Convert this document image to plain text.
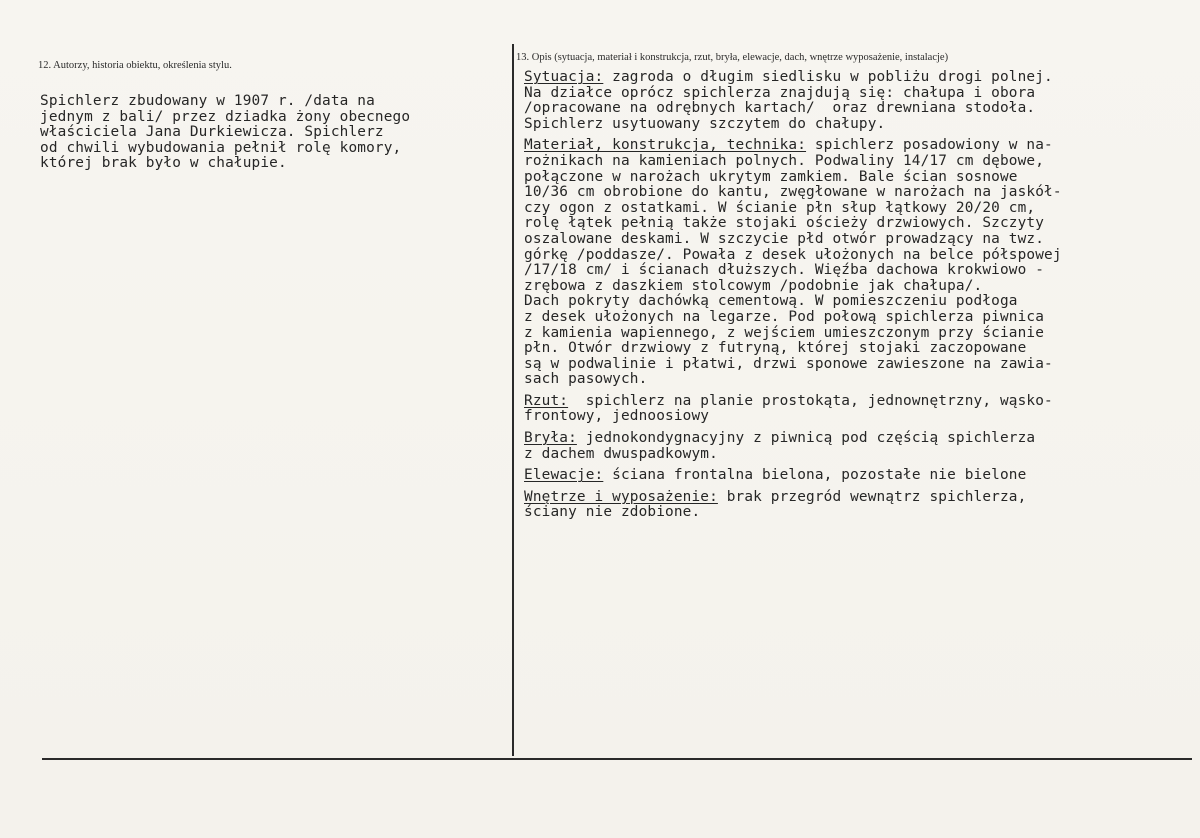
12. Autorzy, historia obiektu, określenia stylu.
Spichlerz zbudowany w 1907 r. /data na
jednym z bali/ przez dziadka żony obecnego
właściciela Jana Durkiewicza. Spichlerz
od chwili wybudowania pełnił rolę komory,
której brak było w chałupie.
13. Opis (sytuacja, materiał i konstrukcja, rzut, bryła, elewacje, dach, wnętrze wyposażenie, instalacje)
Sytuacja: zagroda o długim siedlisku w pobliżu drogi polnej.
Na działce oprócz spichlerza znajdują się: chałupa i obora
/opracowane na odrębnych kartach/  oraz drewniana stodoła.
Spichlerz usytuowany szczytem do chałupy.
Materiał, konstrukcja, technika: spichlerz posadowiony w na-
rożnikach na kamieniach polnych. Podwaliny 14/17 cm dębowe,
połączone w narożach ukrytym zamkiem. Bale ścian sosnowe
10/36 cm obrobione do kantu, zwęgłowane w narożach na jaskół-
czy ogon z ostatkami. W ścianie płn słup łątkowy 20/20 cm,
rolę łątek pełnią także stojaki ościeży drzwiowych. Szczyty
oszalowane deskami. W szczycie płd otwór prowadzący na twz.
górkę /poddasze/. Powała z desek ułożonych na belce półspowej
/17/18 cm/ i ścianach dłuższych. Więźba dachowa krokwiowo -
zrębowa z daszkiem stolcowym /podobnie jak chałupa/.
Dach pokryty dachówką cementową. W pomieszczeniu podłoga
z desek ułożonych na legarze. Pod połową spichlerza piwnica
z kamienia wapiennego, z wejściem umieszczonym przy ścianie
płn. Otwór drzwiowy z futryną, której stojaki zaczopowane
są w podwalinie i płatwi, drzwi sponowe zawieszone na zawia-
sach pasowych.
Rzut:  spichlerz na planie prostokąta, jednownętrzny, wąsko-
frontowy, jednoosiowy
Bryła: jednokondygnacyjny z piwnicą pod częścią spichlerza
z dachem dwuspadkowym.
Elewacje: ściana frontalna bielona, pozostałe nie bielone
Wnętrze i wyposażenie: brak przegród wewnątrz spichlerza,
ściany nie zdobione.
